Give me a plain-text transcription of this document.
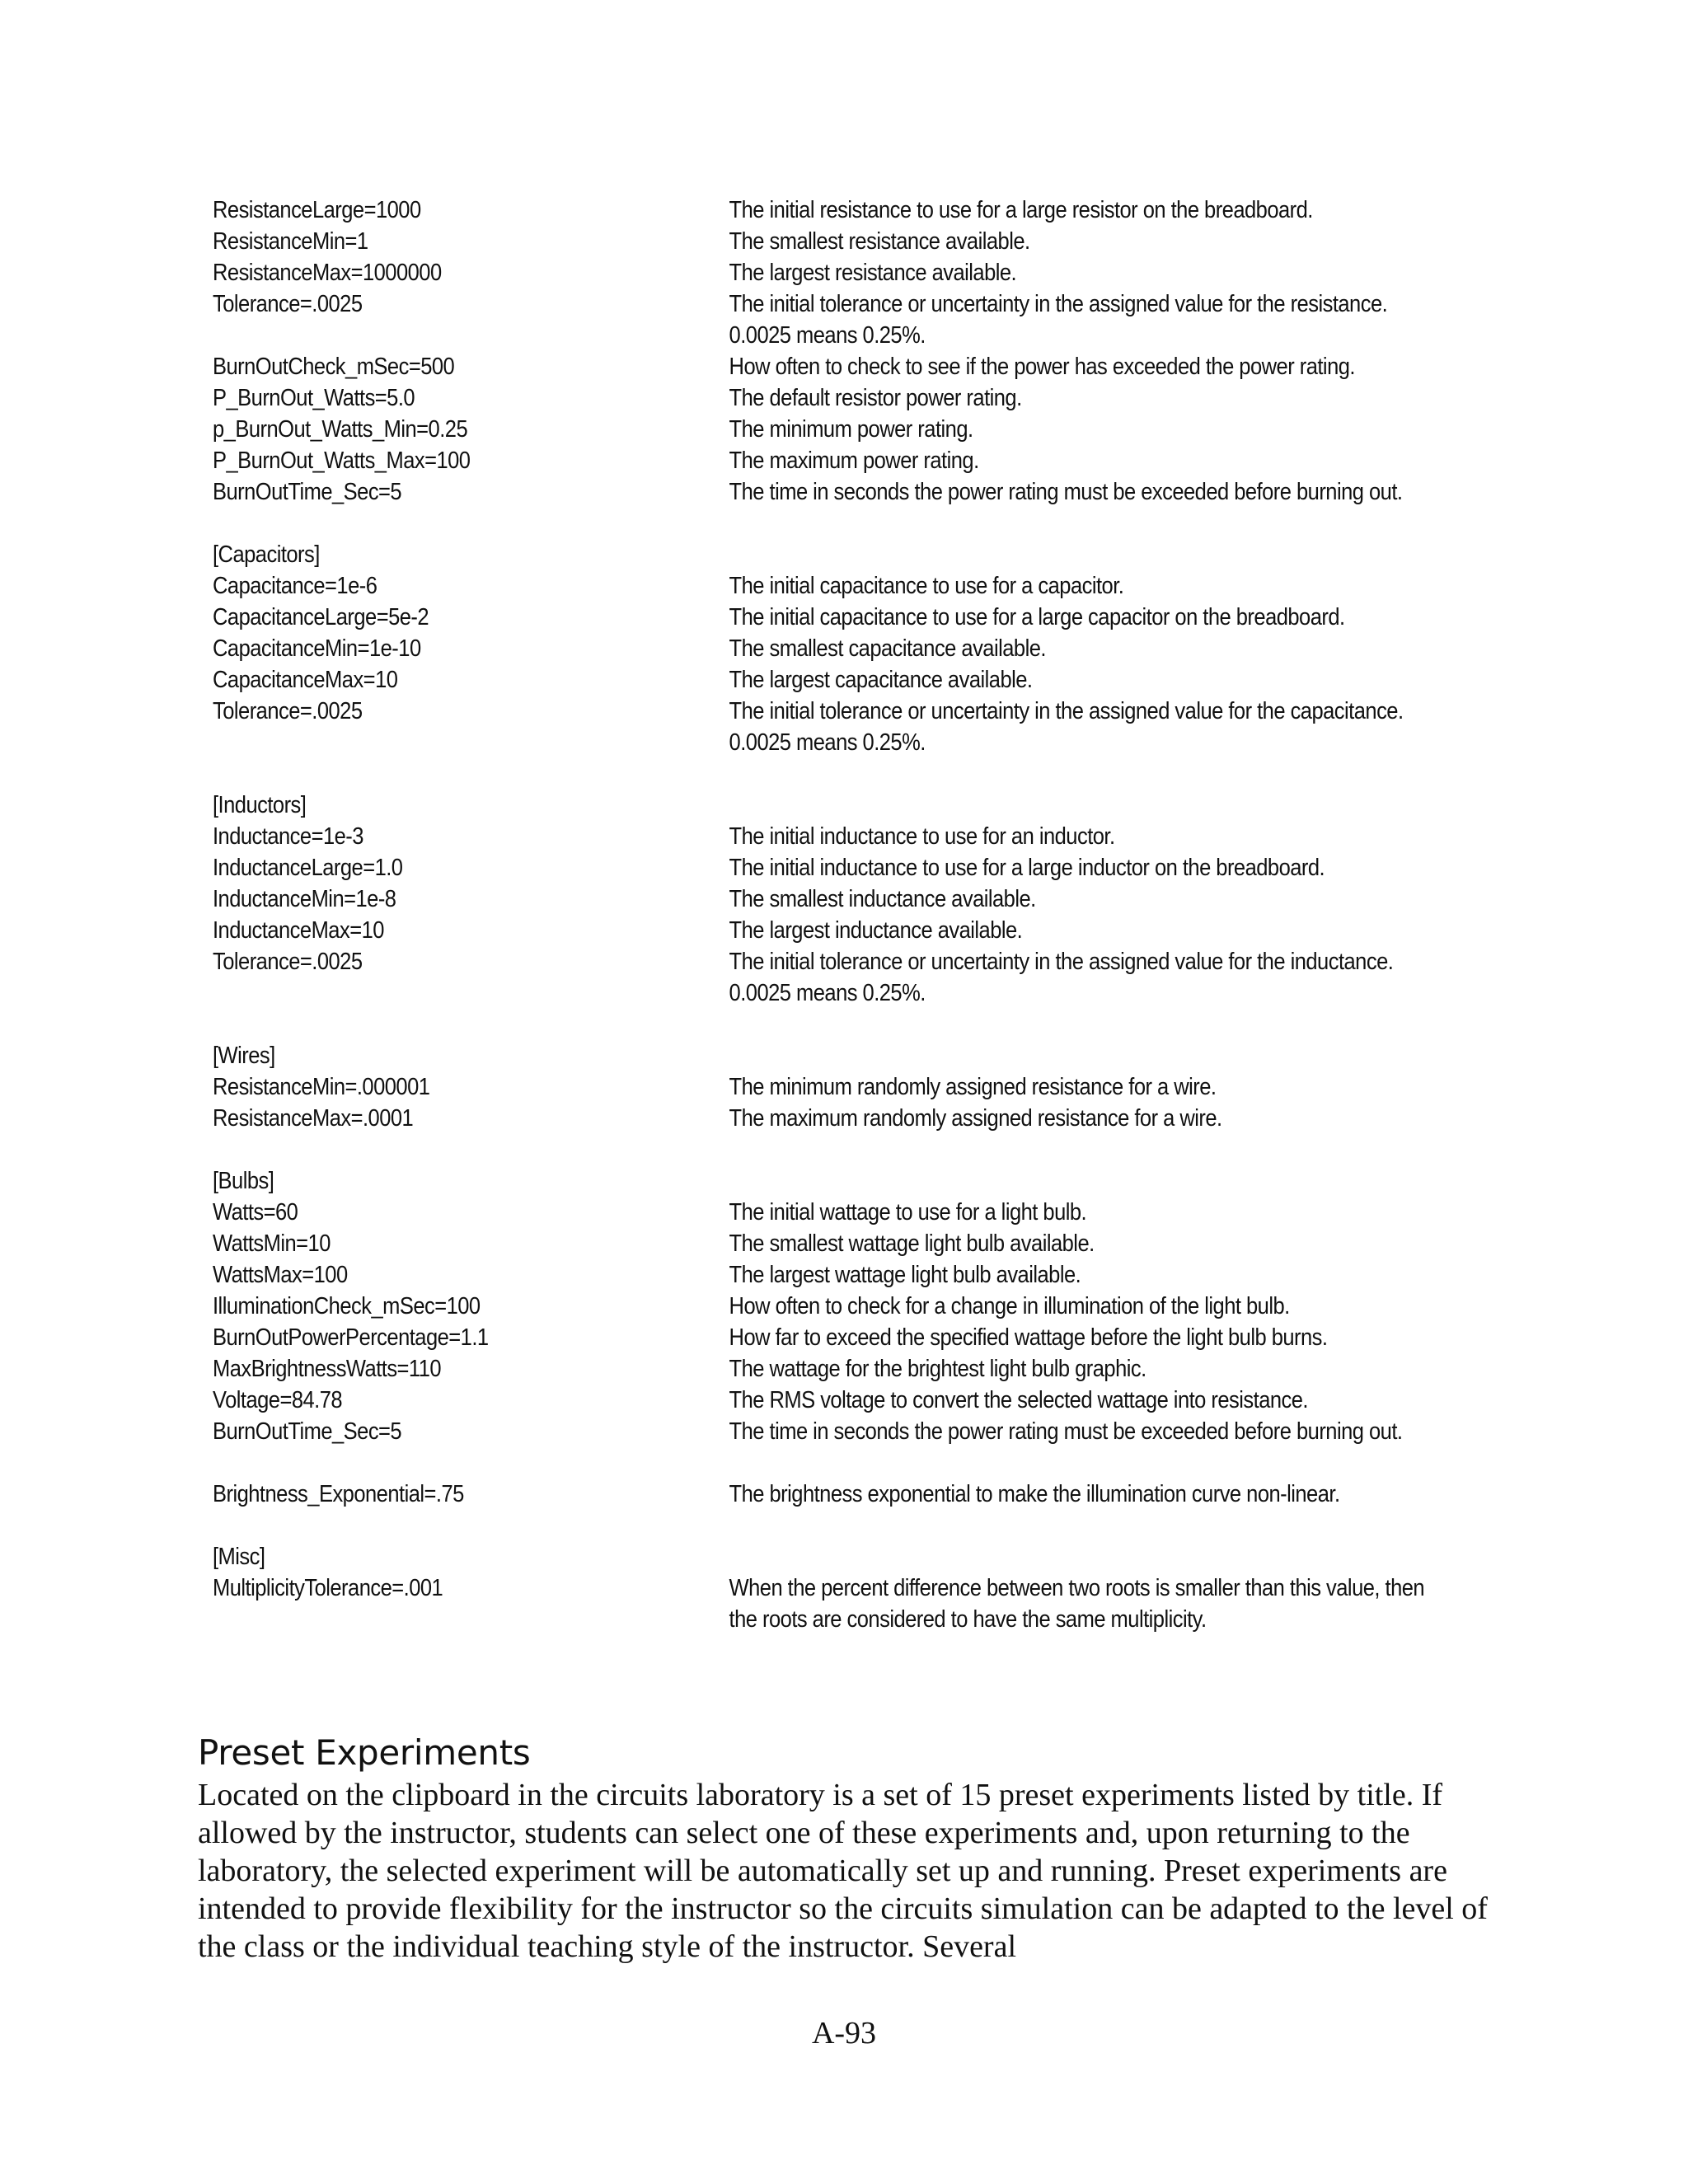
ResistanceLarge=1000	The initial resistance to use for a large resistor on the breadboard.
ResistanceMin=1	The smallest resistance available.
ResistanceMax=1000000	The largest resistance available.
Tolerance=.0025	The initial tolerance or uncertainty in the assigned value for the resistance. 0.0025 means 0.25%.
BurnOutCheck_mSec=500	How often to check to see if the power has exceeded the power rating.
P_BurnOut_Watts=5.0	The default resistor power rating.
p_BurnOut_Watts_Min=0.25	The minimum power rating.
P_BurnOut_Watts_Max=100	The maximum power rating.
BurnOutTime_Sec=5	The time in seconds the power rating must be exceeded before burning out.
[Capacitors]
Capacitance=1e-6	The initial capacitance to use for a capacitor.
CapacitanceLarge=5e-2	The initial capacitance to use for a large capacitor on the breadboard.
CapacitanceMin=1e-10	The smallest capacitance available.
CapacitanceMax=10	The largest capacitance available.
Tolerance=.0025	The initial tolerance or uncertainty in the assigned value for the capacitance. 0.0025 means 0.25%.
[Inductors]
Inductance=1e-3	The initial inductance to use for an inductor.
InductanceLarge=1.0	The initial inductance to use for a large inductor on the breadboard.
InductanceMin=1e-8	The smallest inductance available.
InductanceMax=10	The largest inductance available.
Tolerance=.0025	The initial tolerance or uncertainty in the assigned value for the inductance. 0.0025 means 0.25%.
[Wires]
ResistanceMin=.000001	The minimum randomly assigned resistance for a wire.
ResistanceMax=.0001	The maximum randomly assigned resistance for a wire.
[Bulbs]
Watts=60	The initial wattage to use for a light bulb.
WattsMin=10	The smallest wattage light bulb available.
WattsMax=100	The largest wattage light bulb available.
IlluminationCheck_mSec=100	How often to check for a change in illumination of the light bulb.
BurnOutPowerPercentage=1.1	How far to exceed the specified wattage before the light bulb burns.
MaxBrightnessWatts=110	The wattage for the brightest light bulb graphic.
Voltage=84.78	The RMS voltage to convert the selected wattage into resistance.
BurnOutTime_Sec=5	The time in seconds the power rating must be exceeded before burning out.
Brightness_Exponential=.75	The brightness exponential to make the illumination curve non-linear.
[Misc]
MultiplicityTolerance=.001	When the percent difference between two roots is smaller than this value, then the roots are considered to have the same multiplicity.
Preset Experiments
Located on the clipboard in the circuits laboratory is a set of 15 preset experiments listed by title. If allowed by the instructor, students can select one of these experiments and, upon returning to the laboratory, the selected experiment will be automatically set up and running. Preset experiments are intended to provide flexibility for the instructor so the circuits simulation can be adapted to the level of the class or the individual teaching style of the instructor. Several
A-93
